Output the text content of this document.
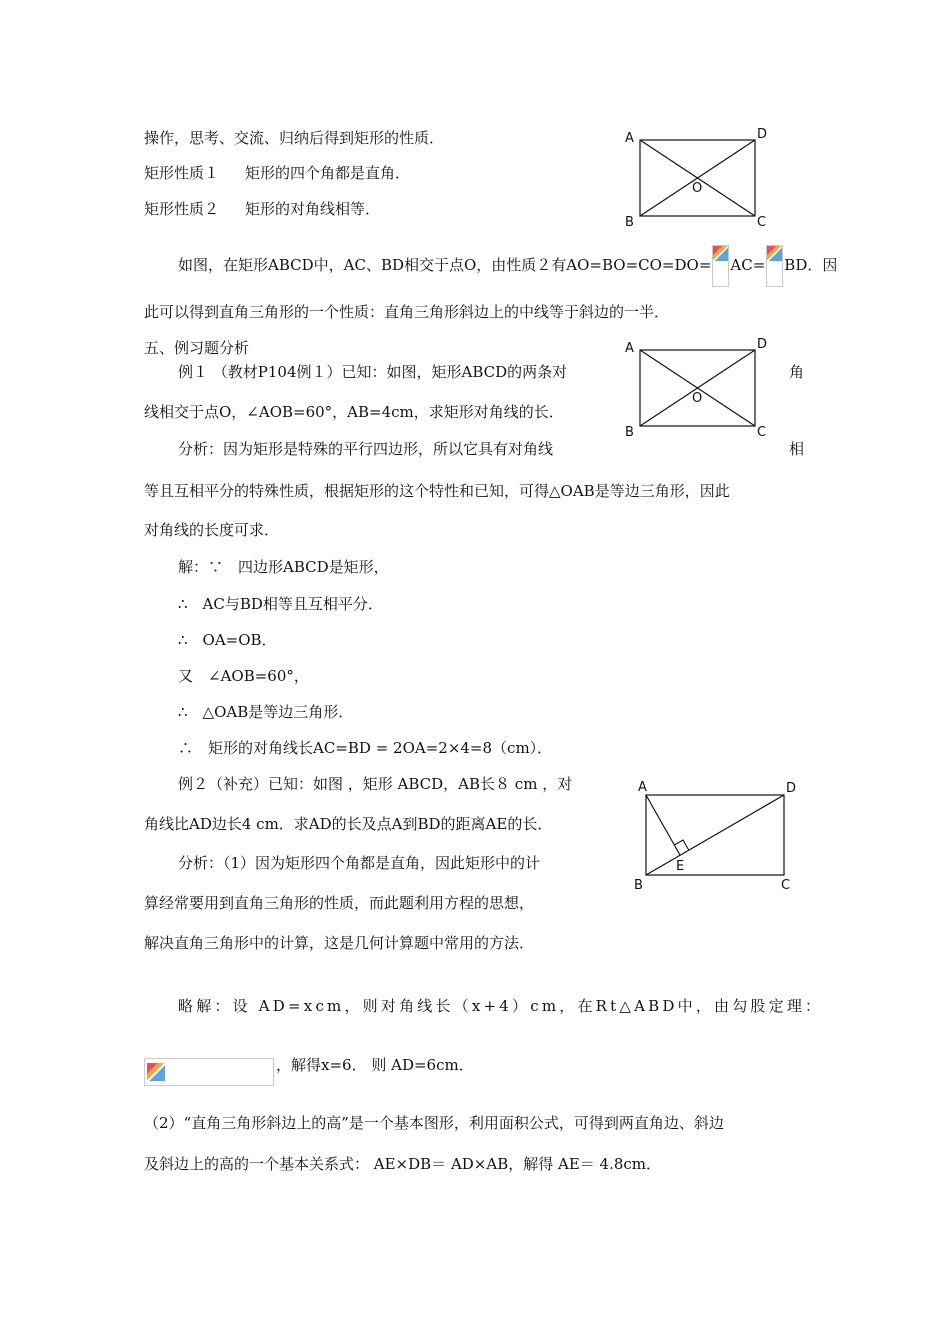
操作，思考、交流、归纳后得到矩形的性质．
矩形性质１ 矩形的四个角都是直角．
矩形性质２ 矩形的对角线相等．
A	D
B	C
O
如图，在矩形ABCD中，AC、BD相交于点O，由性质２有AO=BO=CO=DO= AC= BD．因
此可以得到直角三角形的一个性质：直角三角形斜边上的中线等于斜边的一半．
五、例习题分析
例１ （教材P104例１）已知：如图，矩形ABCD的两条对	角
线相交于点O，∠AOB=60°，AB=4cm，求矩形对角线的长．
分析：因为矩形是特殊的平行四边形，所以它具有对角线	相
等且互相平分的特殊性质，根据矩形的这个特性和已知，可得△OAB是等边三角形，因此
对角线的长度可求．
A	D
B	C
O
解：∵　四边形ABCD是矩形，
∴　AC与BD相等且互相平分．
∴　OA=OB．
又　∠AOB=60°，
∴　△OAB是等边三角形．
∴　矩形的对角线长AC=BD = 2OA=2×4=8（cm）．
例２（补充）已知：如图 ，矩形 ABCD，AB长８ cm ，对
角线比AD边长4 cm．求AD的长及点A到BD的距离AE的长．
分析：（1）因为矩形四个角都是直角，因此矩形中的计
算经常要用到直角三角形的性质，而此题利用方程的思想，
解决直角三角形中的计算，这是几何计算题中常用的方法．
A	D
B	C
E
略解：设 AD=xcm，则对角线长（x+4）cm，在Rt△ABD中，由勾股定理：
，解得x=6． 则 AD=6cm．
（2）“直角三角形斜边上的高”是一个基本图形，利用面积公式，可得到两直角边、斜边
及斜边上的高的一个基本关系式： AE×DB＝ AD×AB，解得 AE＝ 4.8cm．
